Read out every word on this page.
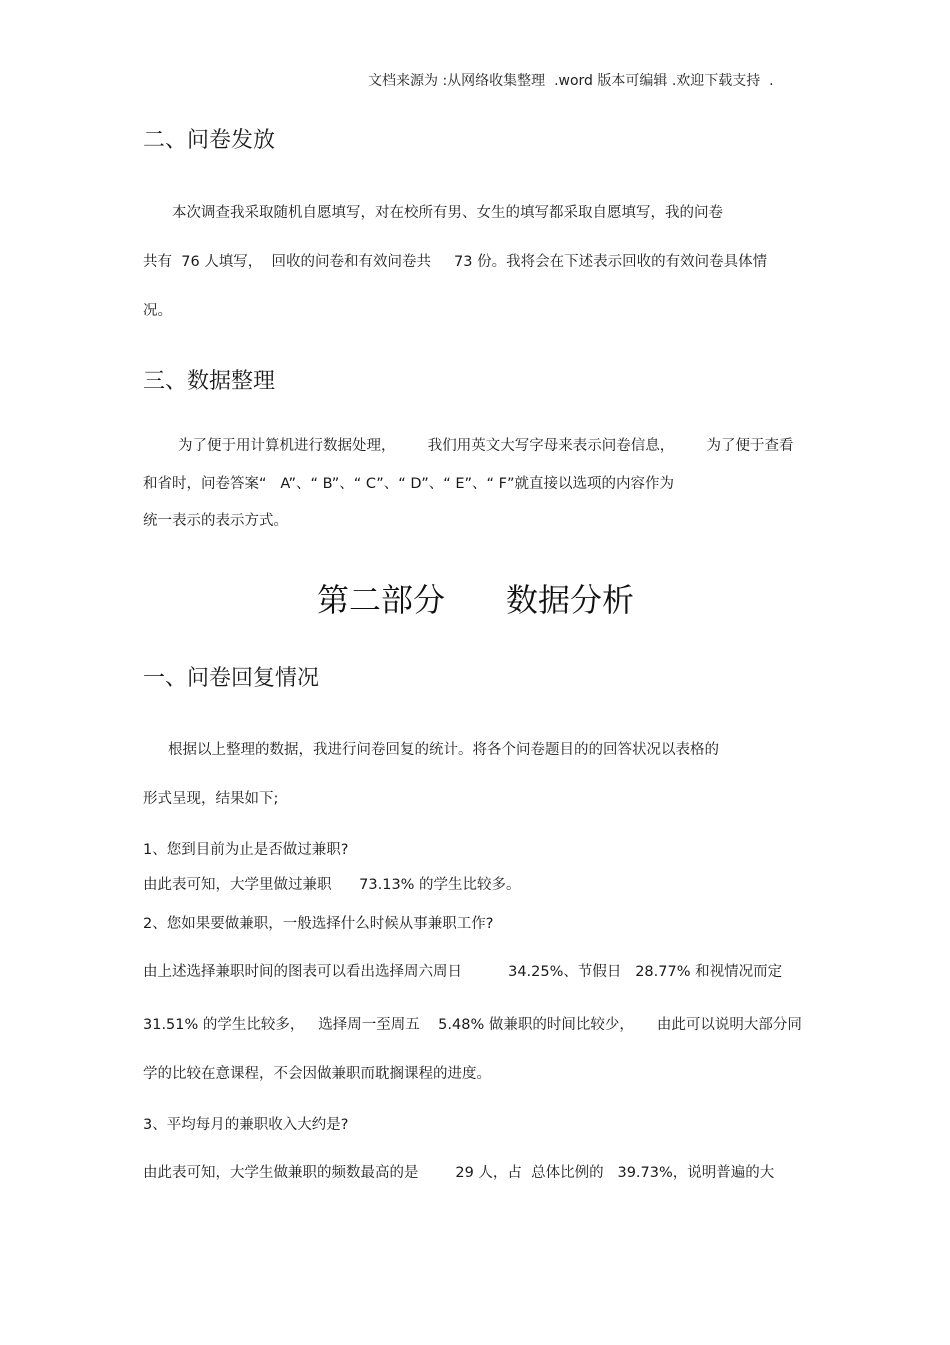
文档来源为 :从网络收集整理  .word 版本可编辑 .欢迎下载支持  .

二、问卷发放

本次调查我采取随机自愿填写，对在校所有男、女生的填写都采取自愿填写，我的问卷

共有  76 人填写，  回收的问卷和有效问卷共     73 份。我将会在下述表示回收的有效问卷具体情

况。

三、数据整理

为了便于用计算机进行数据处理，       我们用英文大写字母来表示问卷信息，       为了便于查看

和省时，问卷答案“   A”、“ B”、“ C”、“ D”、“ E”、“ F”就直接以选项的内容作为

统一表示的表示方式。

第二部分      数据分析

一、问卷回复情况

根据以上整理的数据，我进行问卷回复的统计。将各个问卷题目的的回答状况以表格的

形式呈现，结果如下;

1、您到目前为止是否做过兼职?

由此表可知，大学里做过兼职      73.13% 的学生比较多。

2、您如果要做兼职，一般选择什么时候从事兼职工作?

由上述选择兼职时间的图表可以看出选择周六周日          34.25%、节假日   28.77% 和视情况而定

31.51% 的学生比较多，   选择周一至周五    5.48% 做兼职的时间比较少，     由此可以说明大部分同

学的比较在意课程，不会因做兼职而耽搁课程的进度。

3、平均每月的兼职收入大约是?

由此表可知，大学生做兼职的频数最高的是        29 人，占  总体比例的   39.73%，说明普遍的大
